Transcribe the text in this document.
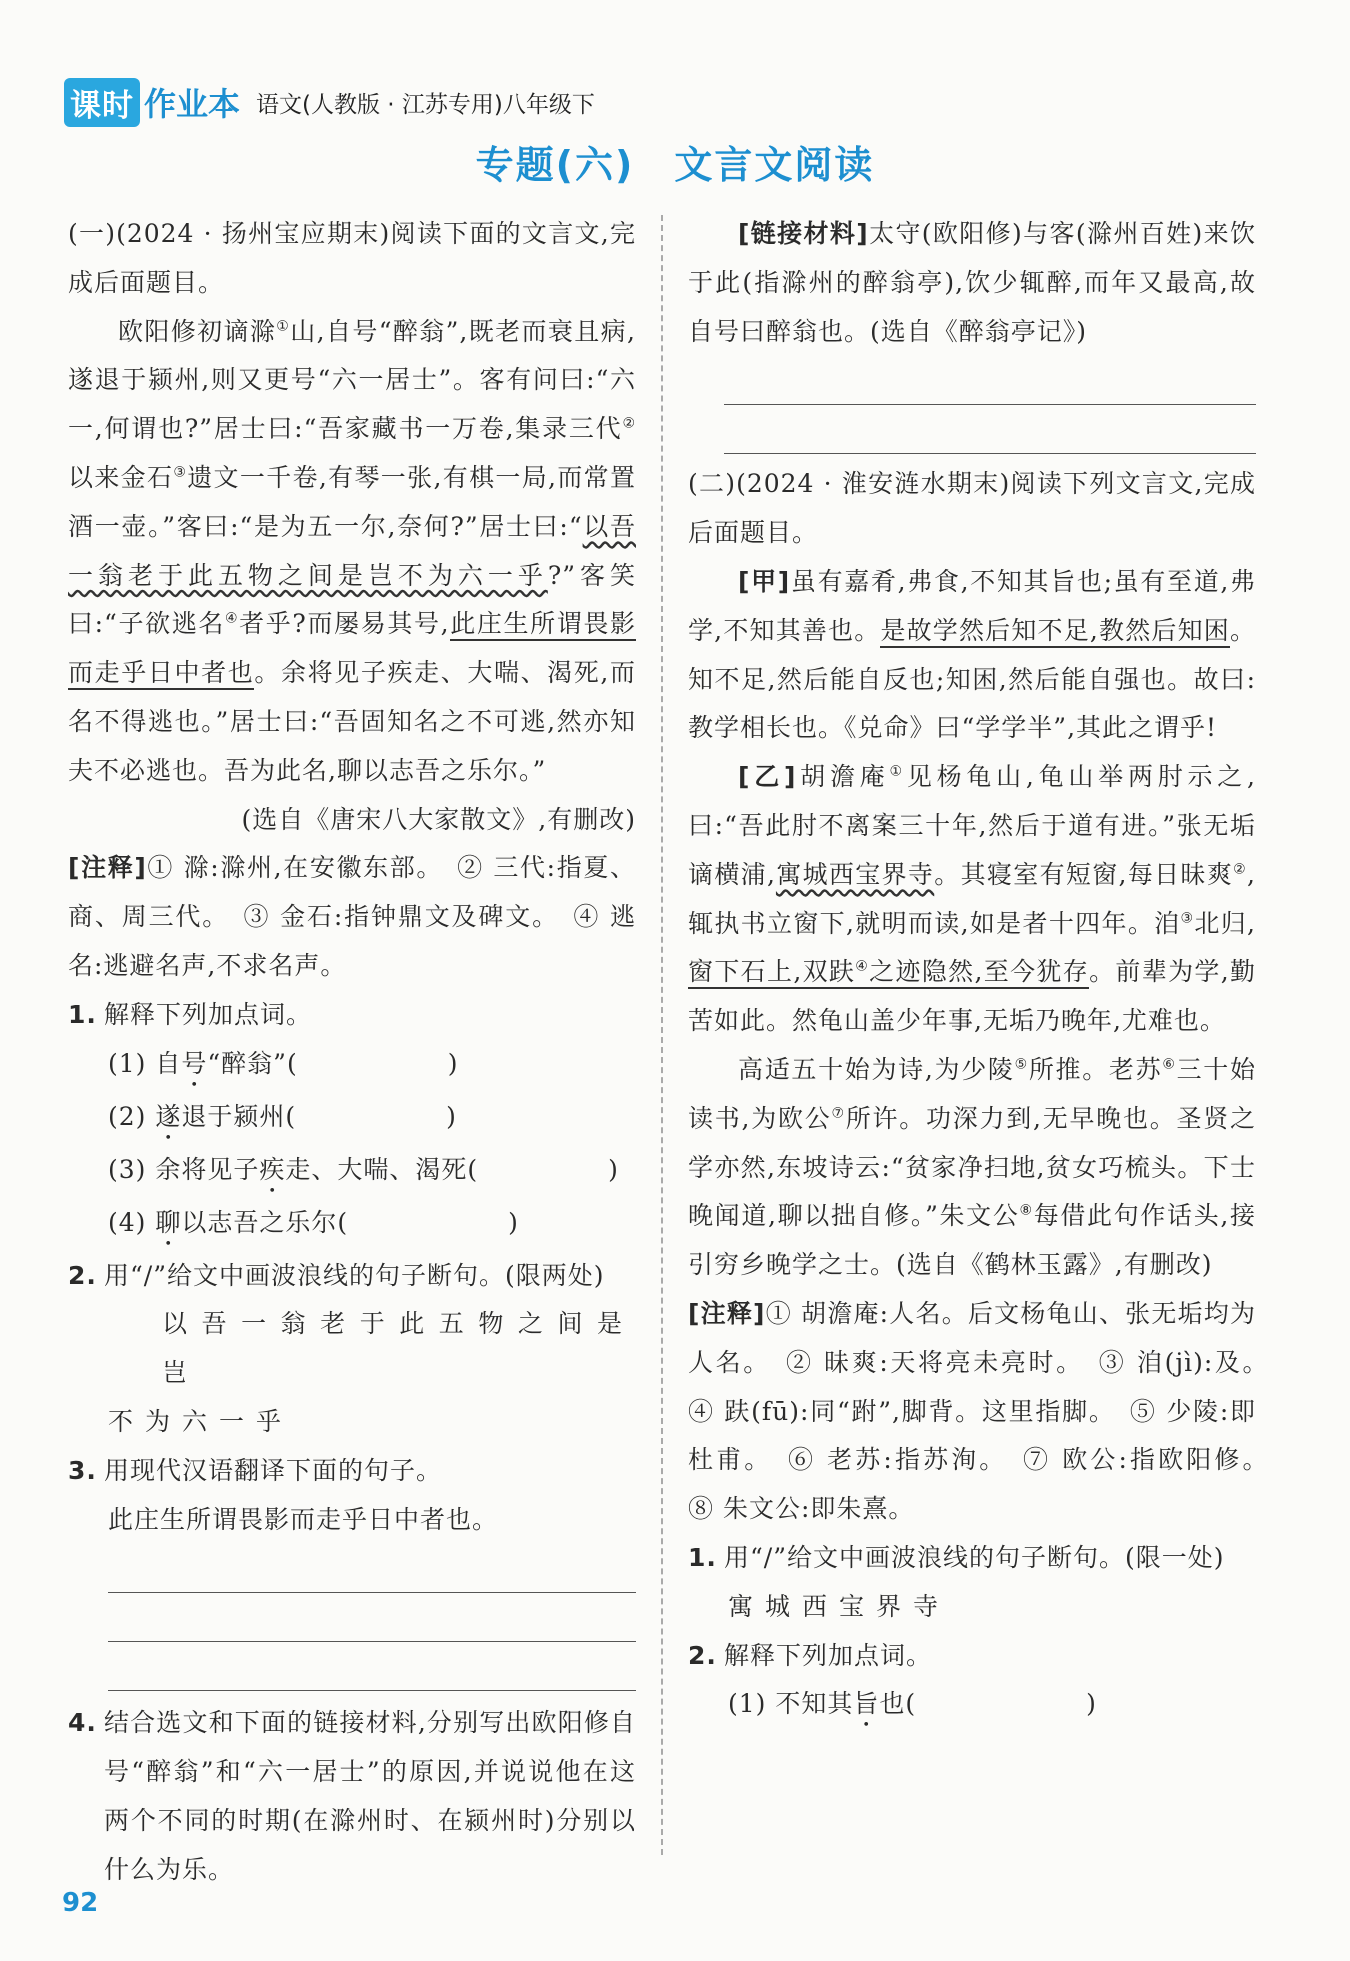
课时 作业本 语文(人教版 · 江苏专用)八年级下
专题(六)　文言文阅读

(一)(2024 · 扬州宝应期末)阅读下面的文言文,完成后面题目。

欧阳修初谪滁①山,自号“醉翁”,既老而衰且病,遂退于颍州,则又更号“六一居士”。客有问曰:“六一,何谓也?”居士曰:“吾家藏书一万卷,集录三代②以来金石③遗文一千卷,有琴一张,有棋一局,而常置酒一壶。”客曰:“是为五一尔,奈何?”居士曰:“以吾一翁老于此五物之间是岂不为六一乎?”客笑曰:“子欲逃名④者乎?而屡易其号,此庄生所谓畏影而走乎日中者也。余将见子疾走、大喘、渴死,而名不得逃也。”居士曰:“吾固知名之不可逃,然亦知夫不必逃也。吾为此名,聊以志吾之乐尔。”

(选自《唐宋八大家散文》,有删改)

[注释]① 滁:滁州,在安徽东部。　② 三代:指夏、商、周三代。　③ 金石:指钟鼎文及碑文。　④ 逃名:逃避名声,不求名声。

1. 解释下列加点词。

(1) 自号“醉翁”(	)

(2) 遂退于颍州(	)

(3) 余将见子疾走、大喘、渴死(	)

(4) 聊以志吾之乐尔(	)

2. 用“/”给文中画波浪线的句子断句。(限两处)

以吾一翁老于此五物之间是岂

不为六一乎

3. 用现代汉语翻译下面的句子。

此庄生所谓畏影而走乎日中者也。

4. 结合选文和下面的链接材料,分别写出欧阳修自号“醉翁”和“六一居士”的原因,并说说他在这两个不同的时期(在滁州时、在颍州时)分别以什么为乐。

[链接材料]太守(欧阳修)与客(滁州百姓)来饮于此(指滁州的醉翁亭),饮少辄醉,而年又最高,故自号曰醉翁也。(选自《醉翁亭记》)

(二)(2024 · 淮安涟水期末)阅读下列文言文,完成后面题目。

[甲]虽有嘉肴,弗食,不知其旨也;虽有至道,弗学,不知其善也。是故学然后知不足,教然后知困。知不足,然后能自反也;知困,然后能自强也。故曰:教学相长也。《兑命》曰“学学半”,其此之谓乎!

[乙]胡澹庵①见杨龟山,龟山举两肘示之,曰:“吾此肘不离案三十年,然后于道有进。”张无垢谪横浦,寓城西宝界寺。其寝室有短窗,每日昧爽②,辄执书立窗下,就明而读,如是者十四年。洎③北归,窗下石上,双趺④之迹隐然,至今犹存。前辈为学,勤苦如此。然龟山盖少年事,无垢乃晚年,尤难也。

高适五十始为诗,为少陵⑤所推。老苏⑥三十始读书,为欧公⑦所许。功深力到,无早晚也。圣贤之学亦然,东坡诗云:“贫家净扫地,贫女巧梳头。下士晚闻道,聊以拙自修。”朱文公⑧每借此句作话头,接引穷乡晚学之士。(选自《鹤林玉露》,有删改)

[注释]① 胡澹庵:人名。后文杨龟山、张无垢均为人名。　② 昧爽:天将亮未亮时。　③ 洎(jì):及。　④ 趺(fū):同“跗”,脚背。这里指脚。　⑤ 少陵:即杜甫。　⑥ 老苏:指苏洵。　⑦ 欧公:指欧阳修。　⑧ 朱文公:即朱熹。

1. 用“/”给文中画波浪线的句子断句。(限一处)

寓城西宝界寺

2. 解释下列加点词。

(1) 不知其旨也(	)

92
